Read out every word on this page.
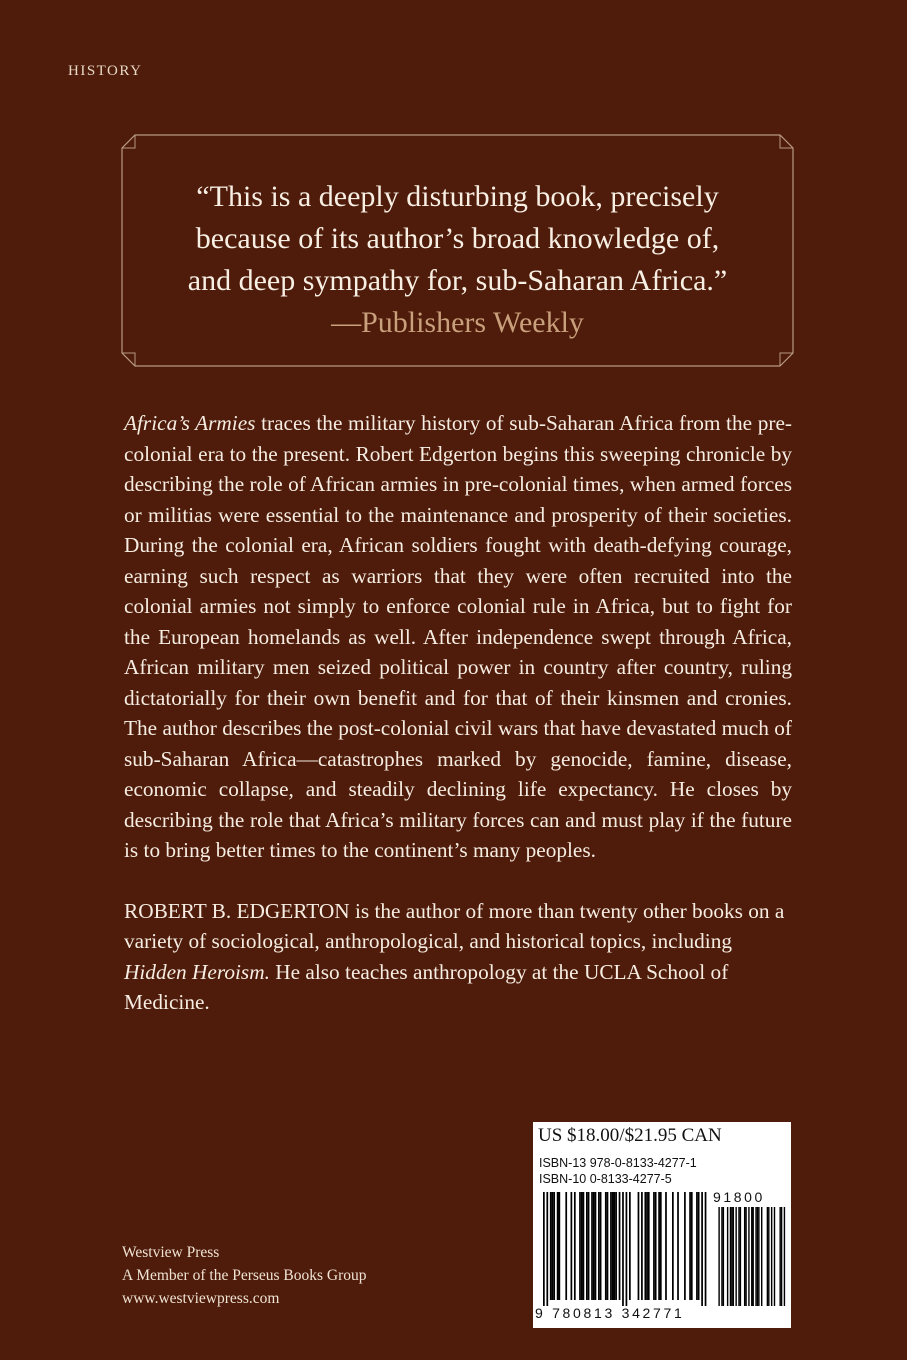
HISTORY
“This is a deeply disturbing book, precisely
because of its author’s broad knowledge of,
and deep sympathy for, sub-Saharan Africa.”
—Publishers Weekly

Africa’s Armies traces the military history of sub-Saharan Africa from the pre-colonial era to the present. Robert Edgerton begins this sweeping chronicle by describing the role of African armies in pre-colonial times, when armed forces or militias were essential to the maintenance and prosperity of their societies. During the colonial era, African soldiers fought with death-defying courage, earning such respect as warriors that they were often recruited into the colonial armies not simply to enforce colonial rule in Africa, but to fight for the European homelands as well. After independence swept through Africa, African military men seized political power in country after country, ruling dictatorially for their own benefit and for that of their kinsmen and cronies. The author describes the post-colonial civil wars that have devastated much of sub-Saharan Africa—catastrophes marked by genocide, famine, disease, economic collapse, and steadily declining life expectancy. He closes by describing the role that Africa’s military forces can and must play if the future is to bring better times to the continent’s many peoples.

ROBERT B. EDGERTON is the author of more than twenty other books on a variety of sociological, anthropological, and historical topics, including Hidden Heroism. He also teaches anthropology at the UCLA School of Medicine.

Westview Press
A Member of the Perseus Books Group
www.westviewpress.com
US $18.00/$21.95 CAN
ISBN-13 978-0-8133-4277-1
ISBN-10 0-8133-4277-5
91800
9 780813 342771
